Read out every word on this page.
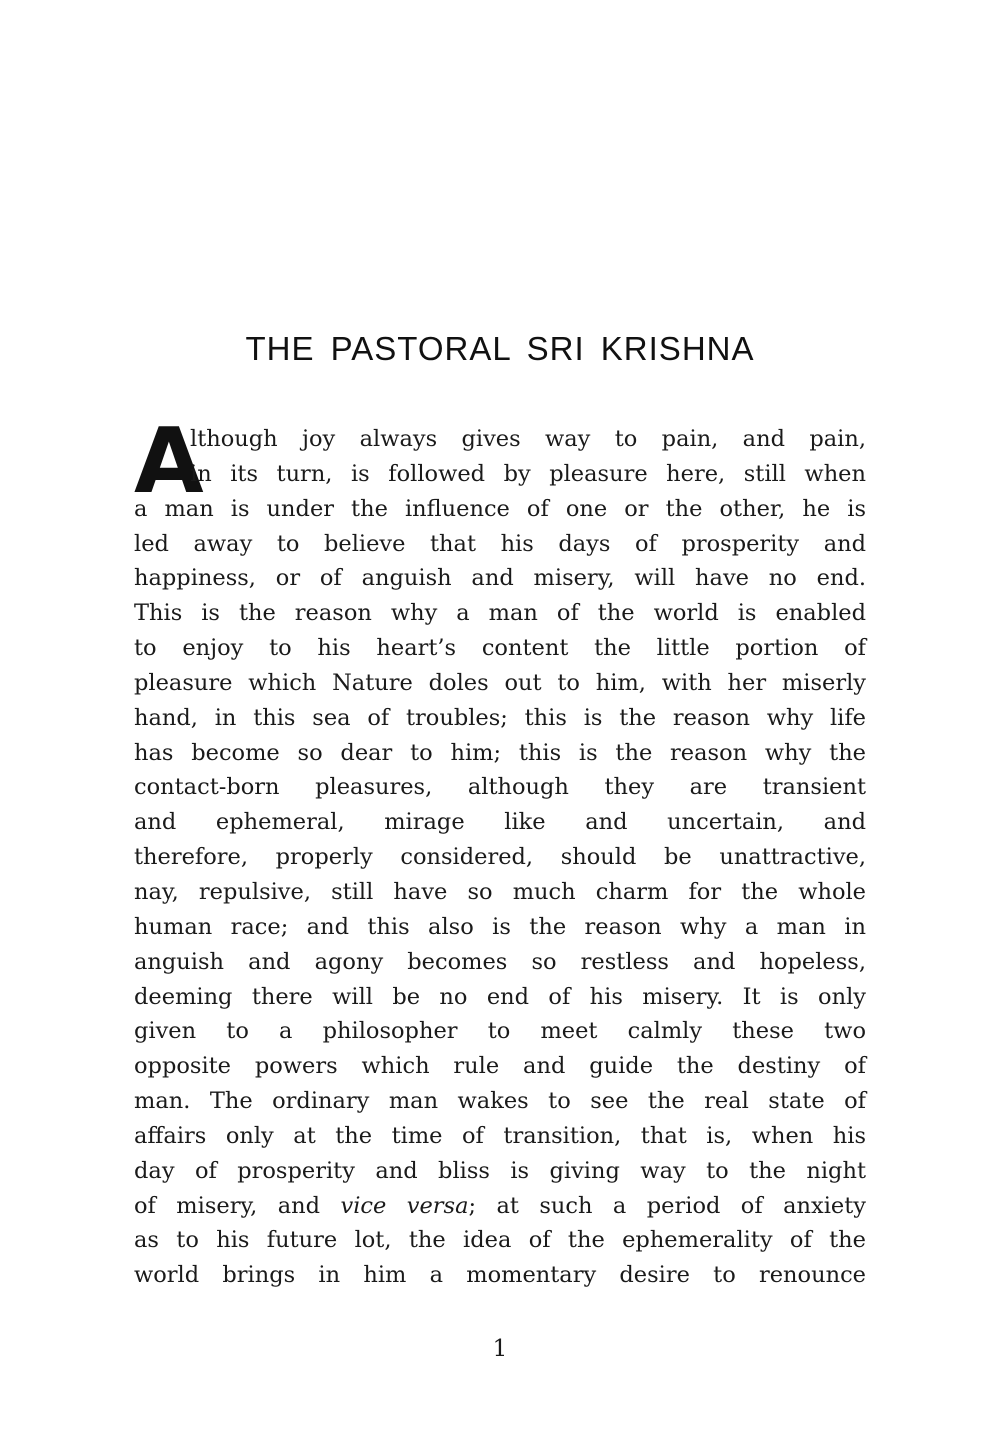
THE PASTORAL SRI KRISHNA
A
lthough joy always gives way to pain, and pain,
in its turn, is followed by pleasure here, still when
a man is under the influence of one or the other, he is
led away to believe that his days of prosperity and
happiness, or of anguish and misery, will have no end.
This is the reason why a man of the world is enabled
to enjoy to his heart’s content the little portion of
pleasure which Nature doles out to him, with her miserly
hand, in this sea of troubles; this is the reason why life
has become so dear to him; this is the reason why the
contact-born pleasures, although they are transient
and ephemeral, mirage like and uncertain, and
therefore, properly considered, should be unattractive,
nay, repulsive, still have so much charm for the whole
human race; and this also is the reason why a man in
anguish and agony becomes so restless and hopeless,
deeming there will be no end of his misery. It is only
given to a philosopher to meet calmly these two
opposite powers which rule and guide the destiny of
man. The ordinary man wakes to see the real state of
affairs only at the time of transition, that is, when his
day of prosperity and bliss is giving way to the night
of misery, and vice versa; at such a period of anxiety
as to his future lot, the idea of the ephemerality of the
world brings in him a momentary desire to renounce
1
